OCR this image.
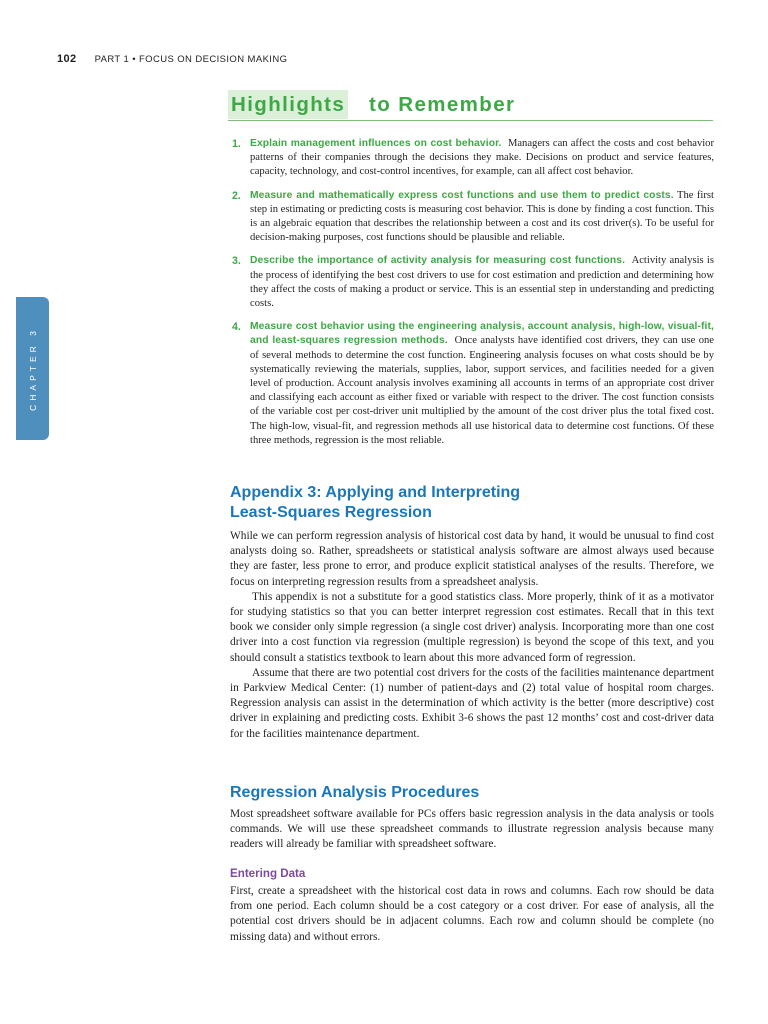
102 PART 1 • FOCUS ON DECISION MAKING
CHAPTER 3
Highlights to Remember
1. Explain management influences on cost behavior. Managers can affect the costs and cost behavior patterns of their companies through the decisions they make. Decisions on product and service features, capacity, technology, and cost-control incentives, for example, can all affect cost behavior.
2. Measure and mathematically express cost functions and use them to predict costs. The first step in estimating or predicting costs is measuring cost behavior. This is done by finding a cost function. This is an algebraic equation that describes the relationship between a cost and its cost driver(s). To be useful for decision-making purposes, cost functions should be plausible and reliable.
3. Describe the importance of activity analysis for measuring cost functions. Activity analysis is the process of identifying the best cost drivers to use for cost estimation and prediction and determining how they affect the costs of making a product or service. This is an essential step in understanding and predicting costs.
4. Measure cost behavior using the engineering analysis, account analysis, high-low, visual-fit, and least-squares regression methods. Once analysts have identified cost drivers, they can use one of several methods to determine the cost function. Engineering analysis focuses on what costs should be by systematically reviewing the materials, supplies, labor, support services, and facilities needed for a given level of production. Account analysis involves examining all accounts in terms of an appropriate cost driver and classifying each account as either fixed or variable with respect to the driver. The cost function consists of the variable cost per cost-driver unit multiplied by the amount of the cost driver plus the total fixed cost. The high-low, visual-fit, and regression methods all use historical data to determine cost functions. Of these three methods, regression is the most reliable.
Appendix 3: Applying and Interpreting
Least-Squares Regression

While we can perform regression analysis of historical cost data by hand, it would be unusual to find cost analysts doing so. Rather, spreadsheets or statistical analysis software are almost always used because they are faster, less prone to error, and produce explicit statistical analyses of the results. Therefore, we focus on interpreting regression results from a spreadsheet analysis.

This appendix is not a substitute for a good statistics class. More properly, think of it as a motivator for studying statistics so that you can better interpret regression cost estimates. Recall that in this text book we consider only simple regression (a single cost driver) analysis. Incorporating more than one cost driver into a cost function via regression (multiple regression) is beyond the scope of this text, and you should consult a statistics textbook to learn about this more advanced form of regression.

Assume that there are two potential cost drivers for the costs of the facilities maintenance department in Parkview Medical Center: (1) number of patient-days and (2) total value of hospital room charges. Regression analysis can assist in the determination of which activity is the better (more descriptive) cost driver in explaining and predicting costs. Exhibit 3-6 shows the past 12 months’ cost and cost-driver data for the facilities maintenance department.

Regression Analysis Procedures

Most spreadsheet software available for PCs offers basic regression analysis in the data analysis or tools commands. We will use these spreadsheet commands to illustrate regression analysis because many readers will already be familiar with spreadsheet software.

Entering Data

First, create a spreadsheet with the historical cost data in rows and columns. Each row should be data from one period. Each column should be a cost category or a cost driver. For ease of analysis, all the potential cost drivers should be in adjacent columns. Each row and column should be complete (no missing data) and without errors.
